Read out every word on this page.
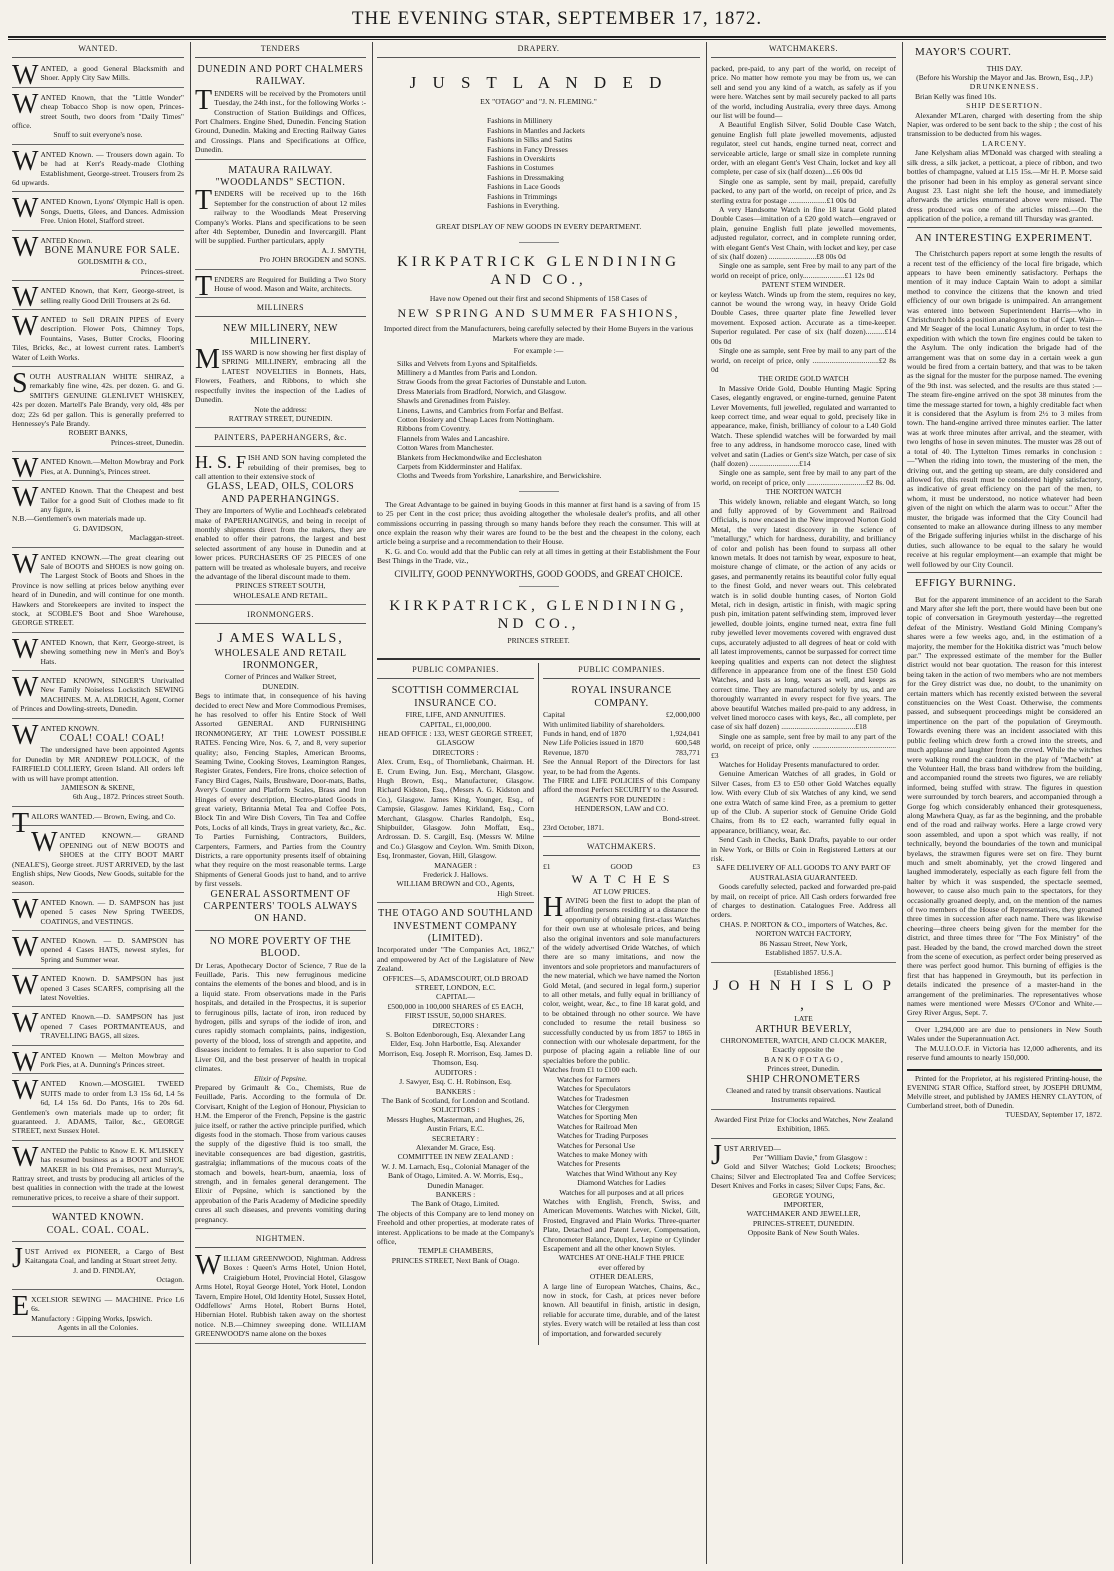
THE EVENING STAR, SEPTEMBER 17, 1872.
WANTED.

WANTED, a good General Blacksmith and Shoer. Apply City Saw Mills.

WANTED Known, that the "Little Wonder" cheap Tobacco Shop is now open, Princes-street South, two doors from "Daily Times" office.

Snuff to suit everyone's nose.

WANTED Known. — Trousers down again. To be had at Kerr's Ready-made Clothing Establishment, George-street. Trousers from 2s 6d upwards.

WANTED Known, Lyons' Olympic Hall is open. Songs, Duetts, Glees, and Dances. Admission Free. Union Hotel, Stafford street.

WANTED Known.

BONE MANURE FOR SALE.

GOLDSMITH & CO.,

Princes-street.

WANTED Known, that Kerr, George-street, is selling really Good Drill Trousers at 2s 6d.

WANTED to Sell DRAIN PIPES of Every description. Flower Pots, Chimney Tops, Fountains, Vases, Butter Crocks, Flooring Tiles, Bricks, &c., at lowest current rates. Lambert's Water of Leith Works.

SOUTH AUSTRALIAN WHITE SHIRAZ, a remarkably fine wine, 42s. per dozen. G. and G. SMITH'S GENUINE GLENLIVET WHISKEY, 42s per dozen. Martell's Pale Brandy, very old, 48s per doz; 22s 6d per gallon. This is generally preferred to Hennessey's Pale Brandy.

ROBERT BANKS,

Princes-street, Dunedin.

WANTED Known.—Melton Mowbray and Pork Pies, at A. Dunning's, Princes street.

WANTED Known. That the Cheapest and best Tailor for a good Suit of Clothes made to fit any figure, is

N.B.—Gentlemen's own materials made up.

G. DAVIDSON,

Maclaggan-street.

WANTED KNOWN.—The great clearing out Sale of BOOTS and SHOES is now going on. The Largest Stock of Boots and Shoes in the Province is now selling at prices below anything ever heard of in Dunedin, and will continue for one month. Hawkers and Storekeepers are invited to inspect the stock, at SCOBLE'S Boot and Shoe Warehouse, GEORGE STREET.

WANTED Known, that Kerr, George-street, is shewing something new in Men's and Boy's Hats.

WANTED KNOWN, SINGER'S Unrivalled New Family Noiseless Lockstitch SEWING MACHINES. M. A. ALDRICH, Agent, Corner of Princes and Dowling-streets, Dunedin.

WANTED KNOWN.

COAL! COAL! COAL!

The undersigned have been appointed Agents for Dunedin by MR ANDREW POLLOCK, of the FAIRFIELD COLLIERY, Green Island. All orders left with us will have prompt attention.

JAMIESON & SKENE,

6th Aug., 1872. Princes street South.

TAILORS WANTED.— Brown, Ewing, and Co.

WANTED KNOWN.— GRAND OPENING out of NEW BOOTS and SHOES at the CITY BOOT MART (NEALE'S), George street. JUST ARRIVED, by the last English ships, New Goods, New Goods, suitable for the season.

WANTED Known. — D. SAMPSON has just opened 5 cases New Spring TWEEDS, COATINGS, and VESTINGS.

WANTED Known. — D. SAMPSON has opened 4 Cases HATS, newest styles, for Spring and Summer wear.

WANTED Known. D. SAMPSON has just opened 3 Cases SCARFS, comprising all the latest Novelties.

WANTED Known.—D. SAMPSON has just opened 7 Cases PORTMANTEAUS, and TRAVELLING BAGS, all sizes.

WANTED Known — Melton Mowbray and Pork Pies, at A. Dunning's Princes street.

WANTED Known.—MOSGIEL TWEED SUITS made to order from L3 15s 6d, L4 5s 6d, L4 15s 6d. Do Pants, 16s to 20s 6d. Gentlemen's own materials made up to order; fit guaranteed. J. ADAMS, Tailor, &c., GEORGE STREET, next Sussex Hotel.

WANTED the Public to Know E. K. M'LISKEY has resumed business as a BOOT and SHOE MAKER in his Old Premises, next Murray's, Rattray street, and trusts by producing all articles of the best qualities in connection with the trade at the lowest remunerative prices, to receive a share of their support.

WANTED KNOWN.

COAL. COAL. COAL.

JUST Arrived ex PIONEER, a Cargo of Best Kaitangata Coal, and landing at Stuart street Jetty.

J. and D. FINDLAY,

Octagon.

EXCELSIOR SEWING — MACHINE. Price L6 6s.

Manufactory : Gipping Works, Ipswich.

Agents in all the Colonies.

TENDERS

DUNEDIN AND PORT CHALMERS RAILWAY.

TENDERS will be received by the Promoters until Tuesday, the 24th inst., for the following Works :- Construction of Station Buildings and Offices, Port Chalmers. Engine Shed, Dunedin. Fencing Station Ground, Dunedin. Making and Erecting Railway Gates and Crossings. Plans and Specifications at Office, Dunedin.

MATAURA RAILWAY.

"WOODLANDS" SECTION.

TENDERS will be received up to the 16th September for the construction of about 12 miles railway to the Woodlands Meat Preserving Company's Works. Plans and specifications to be seen after 4th September, Dunedin and Invercargill. Plant will be supplied. Further particulars, apply

A. J. SMYTH,

Pro JOHN BROGDEN and SONS.

TENDERS are Required for Building a Two Story House of wood. Mason and Waite, architects.

MILLINERS

NEW MILLINERY, NEW MILLINERY.

MISS WARD is now showing her first display of SPRING MILLINERY, embracing all the LATEST NOVELTIES in Bonnets, Hats, Flowers, Feathers, and Ribbons, to which she respectfully invites the inspection of the Ladies of Dunedin.

Note the address:

RATTRAY STREET, DUNEDIN.

PAINTERS, PAPERHANGERS, &c.

H. S. F ISH AND SON having completed the rebuilding of their premises, beg to call attention to their extensive stock of

GLASS, LEAD, OILS, COLORS AND PAPERHANGINGS.

They are Importers of Wylie and Lochhead's celebrated make of PAPERHANGINGS, and being in receipt of monthly shipments direct from the makers, they are enabled to offer their patrons, the largest and best selected assortment of any house in Dunedin and at lower prices. PURCHASERS OF 25 PIECES of one pattern will be treated as wholesale buyers, and receive the advantage of the liberal discount made to them.

PRINCES STREET SOUTH,

WHOLESALE AND RETAIL.

IRONMONGERS.

J AMES WALLS,

WHOLESALE AND RETAIL IRONMONGER,

Corner of Princes and Walker Street,

DUNEDIN.

Begs to intimate that, in consequence of his having decided to erect New and More Commodious Premises, he has resolved to offer his Entire Stock of Well Assorted GENERAL AND FURNISHING IRONMONGERY, AT THE LOWEST POSSIBLE RATES. Fencing Wire, Nos. 6, 7, and 8, very superior quality; also, Fencing Staples, American Brooms, Seaming Twine, Cooking Stoves, Leamington Ranges, Register Grates, Fenders, Fire Irons, choice selection of Fancy Bird Cages, Nails, Brushware, Door-mats, Baths, Avery's Counter and Platform Scales, Brass and Iron Hinges of every description, Electro-plated Goods in great variety, Britannia Metal Tea and Coffee Pots, Block Tin and Wire Dish Covers, Tin Tea and Coffee Pots, Locks of all kinds, Trays in great variety, &c., &c. To Parties Furnishing, Contractors, Builders, Carpenters, Farmers, and Parties from the Country Districts, a rare opportunity presents itself of obtaining what they require on the most reasonable terms. Large Shipments of General Goods just to hand, and to arrive by first vessels.

GENERAL ASSORTMENT OF CARPENTERS' TOOLS ALWAYS ON HAND.

NO MORE POVERTY OF THE BLOOD.

Dr Leras, Apothecary Doctor of Science, 7 Rue de la Feuillade, Paris. This new ferruginous medicine contains the elements of the bones and blood, and is in a liquid state. From observations made in the Paris hospitals, and detailed in the Prospectus, it is superior to ferruginous pills, lactate of iron, iron reduced by hydrogen, pills and syrups of the iodide of iron, and cures rapidly stomach complaints, pains, indigestion, poverty of the blood, loss of strength and appetite, and diseases incident to females. It is also superior to Cod Liver Oil, and the best preserver of health in tropical climates.

Elixir of Pepsine.

Prepared by Grimault & Co., Chemists, Rue de Feuillade, Paris. According to the formula of Dr. Corvisart, Knight of the Legion of Honour, Physician to H.M. the Emperor of the French, Pepsine is the gastric juice itself, or rather the active principle purified, which digests food in the stomach. Those from various causes the supply of the digestive fluid is too small, the inevitable consequences are bad digestion, gastritis, gastralgia; inflammations of the mucous coats of the stomach and bowels, heart-burn, anaemia, loss of strength, and in females general derangement. The Elixir of Pepsine, which is sanctioned by the approbation of the Paris Academy of Medicine speedily cures all such diseases, and prevents vomiting during pregnancy.

NIGHTMEN.

WILLIAM GREENWOOD, Nightman. Address Boxes : Queen's Arms Hotel, Union Hotel, Craigieburn Hotel, Provincial Hotel, Glasgow Arms Hotel, Royal George Hotel, York Hotel, London Tavern, Empire Hotel, Old Identity Hotel, Sussex Hotel, Oddfellows' Arms Hotel, Robert Burns Hotel, Hibernian Hotel. Rubbish taken away on the shortest notice. N.B.—Chimney sweeping done. WILLIAM GREENWOOD'S name alone on the boxes

DRAPERY.

J U S T L A N D E D

EX "OTAGO" and "J. N. FLEMING."

Fashions in Millinery

Fashions in Mantles and Jackets

Fashions in Silks and Satins

Fashions in Fancy Dresses

Fashions in Overskirts

Fashions in Costumes

Fashions in Dressmaking

Fashions in Lace Goods

Fashions in Trimmings

Fashions in Everything.

GREAT DISPLAY OF NEW GOODS IN EVERY DEPARTMENT.

KIRKPATRICK GLENDINING AND CO.,

Have now Opened out their first and second Shipments of 158 Cases of

NEW SPRING AND SUMMER FASHIONS,

Imported direct from the Manufacturers, being carefully selected by their Home Buyers in the various Markets where they are made.

For example :—

Silks and Velvets from Lyons and Spitalfields.

Millinery a d Mantles from Paris and London.

Straw Goods from the great Factories of Dunstable and Luton.

Dress Materials from Bradford, Norwich, and Glasgow.

Shawls and Grenadines from Paisley.

Linens, Lawns, and Cambrics from Forfar and Belfast.

Cotton Hosiery and Cheap Laces from Nottingham.

Ribbons from Coventry.

Flannels from Wales and Lancashire.

Cotton Wares from Manchester.

Blankets from Heckmondwike and Eccleshaton

Carpets from Kidderminster and Halifax.

Cloths and Tweeds from Yorkshire, Lanarkshire, and Berwickshire.

The Great Advantage to be gained in buying Goods in this manner at first hand is a saving of from 15 to 25 per Cent in the cost price; thus avoiding altogether the wholesale dealer's profits, and all other commissions occurring in passing through so many hands before they reach the consumer. This will at once explain the reason why their wares are found to be the best and the cheapest in the colony, each article being a surprise and a recommendation to their House.

K. G. and Co. would add that the Public can rely at all times in getting at their Establishment the Four Best Things in the Trade, viz.,

CIVILITY, GOOD PENNYWORTHS, GOOD GOODS, and GREAT CHOICE.

KIRKPATRICK, GLENDINING, ND CO.,

PRINCES STREET.

PUBLIC COMPANIES.

SCOTTISH COMMERCIAL INSURANCE CO.

FIRE, LIFE, AND ANNUITIES.

CAPITAL, £1,000,000.

HEAD OFFICE : 133, WEST GEORGE STREET, GLASGOW

DIRECTORS :

Alex. Crum, Esq., of Thornliebank, Chairman. H. E. Crum Ewing, Jun. Esq., Merchant, Glasgow. Hugh Brown, Esq., Manufacturer, Glasgow. Richard Kidston, Esq., (Messrs A. G. Kidston and Co.), Glasgow. James King, Younger, Esq., of Campsie, Glasgow. James Kirkland, Esq., Corn Merchant, Glasgow. Charles Randolph, Esq., Shipbuilder, Glasgow. John Moffatt, Esq., Ardrossan. D. S. Cargill, Esq. (Messrs W. Milne and Co.) Glasgow and Ceylon. Wm. Smith Dixon, Esq, Ironmaster, Govan, Hill, Glasgow.

MANAGER :

Frederick J. Hallows.

WILLIAM BROWN and CO., Agents,

High Street.

THE OTAGO AND SOUTHLAND INVESTMENT COMPANY (LIMITED).

Incorporated under "The Companies Act, 1862," and empowered by Act of the Legislature of New Zealand.

OFFICES—5, ADAMSCOURT, OLD BROAD STREET, LONDON, E.C.

CAPITAL—

£500,000 in 100,000 SHARES of £5 EACH, FIRST ISSUE, 50,000 SHARES.

DIRECTORS :

S. Bolton Edenborough, Esq. Alexander Lang Elder, Esq. John Harbottle, Esq. Alexander Morrison, Esq. Joseph R. Morrison, Esq. James D. Thomson, Esq.

AUDITORS :

J. Sawyer, Esq. C. H. Robinson, Esq.

BANKERS :

The Bank of Scotland, for London and Scotland.

SOLICITORS :

Messrs Hughes, Masterman, and Hughes, 26, Austin Friars, E.C.

SECRETARY :

Alexander M. Grace, Esq.

COMMITTEE IN NEW ZEALAND :

W. J. M. Larnach, Esq., Colonial Manager of the Bank of Otago, Limited. A. W. Morris, Esq., Dunedin Manager.

BANKERS :

The Bank of Otago, Limited.

The objects of this Company are to lend money on Freehold and other properties, at moderate rates of interest. Applications to be made at the Company's office,

TEMPLE CHAMBERS,

PRINCES STREET, Next Bank of Otago.

PUBLIC COMPANIES.

ROYAL INSURANCE COMPANY.

Capital	£2,000,000
With unlimited liability of shareholders.
Funds in hand, end of 1870	1,924,041
New Life Policies issued in 1870	600,548
Revenue, 1870	783,771

See the Annual Report of the Directors for last year, to be had from the Agents.

The FIRE and LIFE POLICIES of this Company afford the most Perfect SECURITY to the Assured.

AGENTS FOR DUNEDIN :

HENDERSON, LAW and CO.

Bond-street.

23rd October, 1871.

WATCHMAKERS.
£1	GOOD	£3

W A T C H E S

AT LOW PRICES.

HAVING been the first to adopt the plan of affording persons residing at a distance the opportunity of obtaining first-class Watches for their own use at wholesale prices, and being also the original inventors and sole manufacturers of the widely advertised Oride Watches, of which there are so many imitations, and now the inventors and sole proprietors and manufacturers of the new material, which we have named the Norton Gold Metal, (and secured in legal form,) superior to all other metals, and fully equal in brilliancy of color, weight, wear, &c., to fine 18 karat gold, and to be obtained through no other source. We have concluded to resume the retail business so successfully conducted by us from 1857 to 1865 in connection with our wholesale department, for the purpose of placing again a reliable line of our specialties before the public.

Watches from £1 to £100 each.

Watches for Farmers

Watches for Speculators

Watches for Tradesmen

Watches for Clergymen

Watches for Sporting Men

Watches for Railroad Men

Watches for Trading Purposes

Watches for Personal Use

Watches to make Money with

Watches for Presents

Watches that Wind Without any Key

Diamond Watches for Ladies

Watches for all purposes and at all prices

Watches with English, French, Swiss, and American Movements. Watches with Nickel, Gilt, Frosted, Engraved and Plain Works. Three-quarter Plate, Detached and Patent Lever, Compensation, Chronometer Balance, Duplex, Lepine or Cylinder Escapement and all the other known Styles.

WATCHES AT ONE-HALF THE PRICE

ever offered by

OTHER DEALERS,

A large line of European Watches, Chains, &c., now in stock, for Cash, at prices never before known. All beautiful in finish, artistic in design, reliable for accurate time, durable, and of the latest styles. Every watch will be retailed at less than cost of importation, and forwarded securely

WATCHMAKERS.

packed, pre-paid, to any part of the world, on receipt of price. No matter how remote you may be from us, we can sell and send you any kind of a watch, as safely as if you were here. Watches sent by mail securely packed to all parts of the world, including Australia, every three days. Among our list will be found—

A Beautiful English Silver, Solid Double Case Watch, genuine English full plate jewelled movements, adjusted regulator, steel cut hands, engine turned neat, correct and serviceable article, large or small size in complete running order, with an elegant Gent's Vest Chain, locket and key all complete, per case of six (half dozen)....£6 00s 0d

Single one as sample, sent by mail, prepaid, carefully packed, to any part of the world, on receipt of price, and 2s sterling extra for postage ....................£1 00s 0d

A very Handsome Watch in fine 18 karat Gold plated Double Cases—imitation of a £20 gold watch—engraved or plain, genuine English full plate jewelled movements, adjusted regulator, correct, and in complete running order, with elegant Gent's Vest Chain, with locket and key, per case of six (half dozen) .........................£8 00s 0d

Single one as sample, sent Free by mail to any part of the world on receipt of price, only......................£1 12s 0d

PATENT STEM WINDER.

or keyless Watch. Winds up from the stem, requires no key, cannot be wound the wrong way, in heavy Oride Gold Double Cases, three quarter plate fine Jewelled lever movement. Exposed action. Accurate as a time-keeper. Superior regulated. Per case of six (half dozen)..........£14 00s 0d

Single one as sample, sent Free by mail to any part of the world, on receipt of price, only ...................................£2 8s 0d

THE ORIDE GOLD WATCH

In Massive Oride Gold, Double Hunting Magic Spring Cases, elegantly engraved, or engine-turned, genuine Patent Lever Movements, full jewelled, regulated and warranted to keep correct time, and wear equal to gold, precisely like in appearance, make, finish, brilliancy of colour to a L40 Gold Watch. These splendid watches will be forwarded by mail free to any address, in handsome morocco case, lined with velvet and satin (Ladies or Gent's size Watch, per case of six (half dozen) ..........................£14

Single one as sample, sent free by mail to any part of the world, on receipt of price, only ...............................£2 8s. 0d.

THE NORTON WATCH

This widely known, reliable and elegant Watch, so long and fully approved of by Government and Railroad Officials, is now encased in the New improved Norton Gold Metal, the very latest discovery in the science of "metallurgy," which for hardness, durability, and brilliancy of color and polish has been found to surpass all other known metals. It does not tarnish by wear, exposure to heat, moisture change of climate, or the action of any acids or gases, and permanently retains its beautiful color fully equal to the finest Gold, and never wears out. This celebrated watch is in solid double hunting cases, of Norton Gold Metal, rich in design, artistic in finish, with magic spring push pin, imitation patent selfwinding stem, improved lever jewelled, double joints, engine turned neat, extra fine full ruby jewelled lever movements covered with engraved dust cups, accurately adjusted to all degrees of heat or cold with all latest improvements, cannot be surpassed for correct time keeping qualities and experts can not detect the slightest difference in appearance from one of the finest £50 Gold Watches, and lasts as long, wears as well, and keeps as correct time. They are manufactured solely by us, and are thoroughly warranted in every respect for five years. The above beautiful Watches mailed pre-paid to any address, in velvet lined morocco cases with keys, &c., all complete, per case of six half dozen) .......................................£18

Single one as sample, sent free by mail to any part of the world, on receipt of price, only ............................................£3

Watches for Holiday Presents manufactured to order.

Genuine American Watches of all grades, in Gold or Silver Cases, from £3 to £50 other Gold Watches equally low. With every Club of six Watches of any kind, we send one extra Watch of same kind Free, as a premium to getter up of the Club. A superior stock of Genuine Oride Gold Chains, from 8s to £2 each, warranted fully equal in appearance, brilliancy, wear, &c.

Send Cash in Checks, Bank Drafts, payable to our order in New York, or Bills or Coin in Registered Letters at our risk.

SAFE DELIVERY OF ALL GOODS TO ANY PART OF AUSTRALASIA GUARANTEED.

Goods carefully selected, packed and forwarded pre-paid by mail, on receipt of price. All Cash orders forwarded free of charges to destination. Catalogues Free. Address all orders.

CHAS. P. NORTON & CO., importers of Watches, &c.

NORTON WATCH FACTORY,

86 Nassau Street, New York,

Established 1857. U.S.A.

[Established 1856.]

J O H N H I S L O P ,

LATE

ARTHUR BEVERLY,

CHRONOMETER, WATCH, AND CLOCK MAKER,

Exactly opposite the

B A N K O F O T A G O ,

Princes street, Dunedin.

SHIP CHRONOMETERS

Cleaned and rated by transit observations. Nautical Instruments repaired.

Awarded First Prize for Clocks and Watches, New Zealand Exhibition, 1865.

JUST ARRIVED—

Per "William Davie," from Glasgow :

Gold and Silver Watches; Gold Lockets; Brooches; Chains; Silver and Electroplated Tea and Coffee Services; Desert Knives and Forks in cases; Silver Cups; Fans, &c.

GEORGE YOUNG,

IMPORTER,

WATCHMAKER AND JEWELLER,

PRINCES-STREET, DUNEDIN.

Opposite Bank of New South Wales.

MAYOR'S COURT.

THIS DAY.

(Before his Worship the Mayor and Jas. Brown, Esq., J.P.)

DRUNKENNESS.

Brian Kelly was fined 10s.

SHIP DESERTION.

Alexander M'Laren, charged with deserting from the ship Napier, was ordered to be sent back to the ship ; the cost of his transmission to be deducted from his wages.

LARCENY.

Jane Kelysham alias M'Donald was charged with stealing a silk dress, a silk jacket, a petticoat, a piece of ribbon, and two bottles of champagne, valued at L15 15s.—Mr H. P. Morse said the prisoner had been in his employ as general servant since August 23. Last night she left the house, and immediately afterwards the articles enumerated above were missed. The dress produced was one of the articles missed.—On the application of the police, a remand till Thursday was granted.

AN INTERESTING EXPERIMENT.

The Christchurch papers report at some length the results of a recent test of the efficiency of the local fire brigade, which appears to have been eminently satisfactory. Perhaps the mention of it may induce Captain Wain to adopt a similar method to convince the citizens that the known and tried efficiency of our own brigade is unimpaired. An arrangement was entered into between Superintendent Harris—who in Christchurch holds a position analogous to that of Capt. Wain—and Mr Seager of the local Lunatic Asylum, in order to test the expedition with which the town fire engines could be taken to the Asylum. The only indication the brigade had of the arrangement was that on some day in a certain week a gun would be fired from a certain battery, and that was to be taken as the signal for the muster for the purpose named. The evening of the 9th inst. was selected, and the results are thus stated :—The steam fire-engine arrived on the spot 38 minutes from the time the message started for town, a highly creditable fact when it is considered that the Asylum is from 2½ to 3 miles from town. The hand-engine arrived three minutes earlier. The latter was at work three minutes after arrival, and the steamer, with two lengths of hose in seven minutes. The muster was 28 out of a total of 40. The Lyttelton Times remarks in conclusion :—"When the riding into town, the mustering of the men, the driving out, and the getting up steam, are duly considered and allowed for, this result must be considered highly satisfactory, as indicative of great efficiency on the part of the men, to whom, it must be understood, no notice whatever had been given of the night on which the alarm was to occur." After the muster, the brigade was informed that the City Council had consented to make an allowance during illness to any member of the Brigade suffering injuries whilst in the discharge of his duties, such allowance to be equal to the salary he would receive at his regular employment—an example that might be well followed by our City Council.

EFFIGY BURNING.

But for the apparent imminence of an accident to the Sarah and Mary after she left the port, there would have been but one topic of conversation in Greymouth yesterday—the regretted defeat of the Ministry. Westland Gold Mining Company's shares were a few weeks ago, and, in the estimation of a majority, the member for the Hokitika district was "much below par." The expressed estimate of the member for the Buller district would not bear quotation. The reason for this interest being taken in the action of two members who are not members for the Grey district was due, no doubt, to the unanimity on certain matters which has recently existed between the several constituencies on the West Coast. Otherwise, the comments passed, and subsequent proceedings might be considered an impertinence on the part of the population of Greymouth. Towards evening there was an incident associated with this public feeling which drew forth a crowd into the streets, and much applause and laughter from the crowd. While the witches were walking round the cauldron in the play of "Macbeth" at the Volunteer Hall, the brass band withdrew from the building, and accompanied round the streets two figures, we are reliably informed, being stuffed with straw. The figures in question were surrounded by torch bearers, and accompanied through a Gorge fog which considerably enhanced their grotesqueness, along Mawhera Quay, as far as the beginning, and the probable end of the road and railway works. Here a large crowd very soon assembled, and upon a spot which was really, if not technically, beyond the boundaries of the town and municipal byelaws, the strawmen figures were set on fire. They burnt much and smelt abominably, yet the crowd lingered and laughed immoderately, especially as each figure fell from the halter by which it was suspended, the spectacle seemed, however, to cause also much pain to the spectators, for they occasionally groaned deeply, and, on the mention of the names of two members of the House of Representatives, they groaned three times in succession after each name. There was likewise cheering—three cheers being given for the member for the district, and three times three for "The Fox Ministry" of the past. Headed by the band, the crowd marched down the street from the scene of execution, as perfect order being preserved as there was perfect good humor. This burning of effigies is the first that has happened in Greymouth, but its perfection in details indicated the presence of a master-hand in the arrangement of the preliminaries. The representatives whose names were mentioned were Messrs O'Conor and White.—Grey River Argus, Sept. 7.

Over 1,294,000 are are due to pensioners in New South Wales under the Superannuation Act.

The M.U.I.O.O.F. in Victoria has 12,000 adherents, and its reserve fund amounts to nearly 150,000.

Printed for the Proprietor, at his registered Printing-house, the EVENING STAR Office, Stafford street, by JOSEPH DRUMM, Melville street, and published by JAMES HENRY CLAYTON, of Cumberland street, both of Dunedin.

TUESDAY, September 17, 1872.
